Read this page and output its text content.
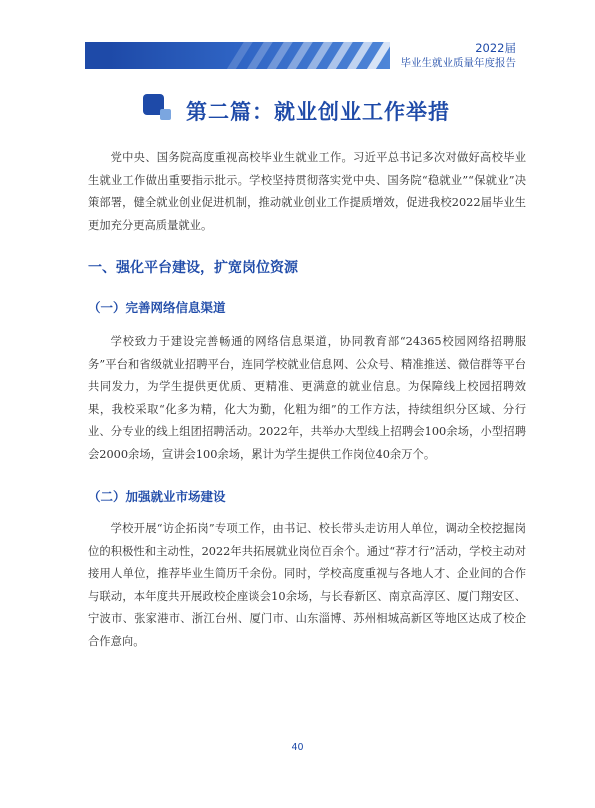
2022届
毕业生就业质量年度报告
第二篇：就业创业工作举措

党中央、国务院高度重视高校毕业生就业工作。习近平总书记多次对做好高校毕业生就业工作做出重要指示批示。学校坚持贯彻落实党中央、国务院“稳就业”“保就业”决策部署，健全就业创业促进机制，推动就业创业工作提质增效，促进我校2022届毕业生更加充分更高质量就业。

一、强化平台建设，扩宽岗位资源
（一）完善网络信息渠道

学校致力于建设完善畅通的网络信息渠道，协同教育部“24365校园网络招聘服务”平台和省级就业招聘平台，连同学校就业信息网、公众号、精准推送、微信群等平台共同发力，为学生提供更优质、更精准、更满意的就业信息。为保障线上校园招聘效果，我校采取“化多为精，化大为勤，化粗为细”的工作方法，持续组织分区域、分行业、分专业的线上组团招聘活动。2022年，共举办大型线上招聘会100余场，小型招聘会2000余场，宣讲会100余场，累计为学生提供工作岗位40余万个。

（二）加强就业市场建设

学校开展“访企拓岗”专项工作，由书记、校长带头走访用人单位，调动全校挖掘岗位的积极性和主动性，2022年共拓展就业岗位百余个。通过“荐才行”活动，学校主动对接用人单位，推荐毕业生简历千余份。同时，学校高度重视与各地人才、企业间的合作与联动，本年度共开展政校企座谈会10余场，与长春新区、南京高淳区、厦门翔安区、宁波市、张家港市、浙江台州、厦门市、山东淄博、苏州相城高新区等地区达成了校企合作意向。

40
